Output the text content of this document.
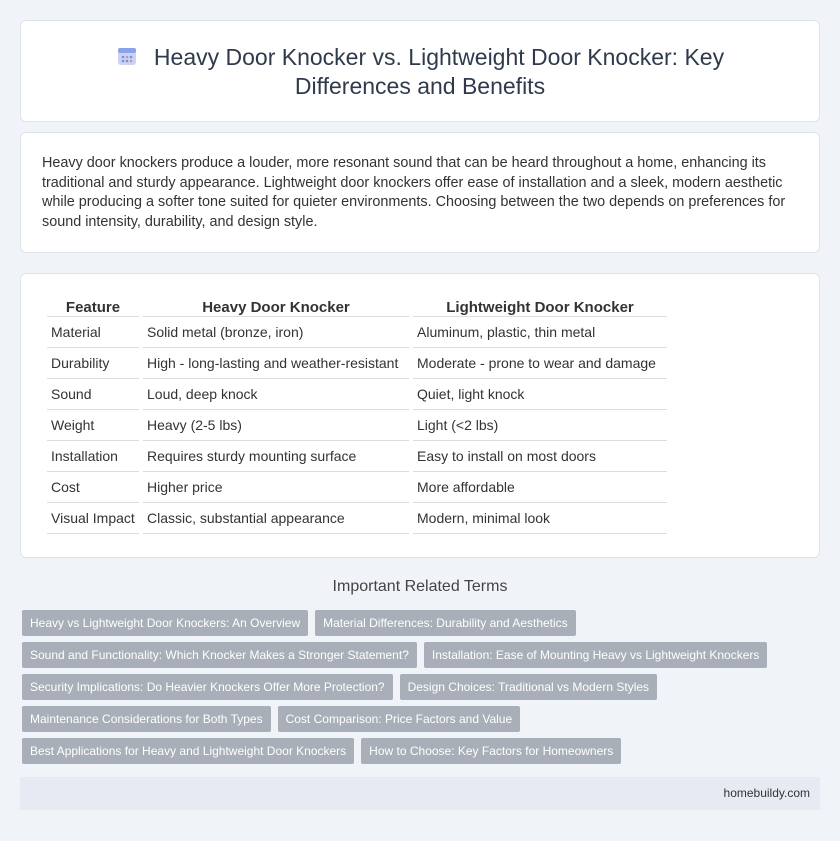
Heavy Door Knocker vs. Lightweight Door Knocker: Key Differences and Benefits

Heavy door knockers produce a louder, more resonant sound that can be heard throughout a home, enhancing its traditional and sturdy appearance. Lightweight door knockers offer ease of installation and a sleek, modern aesthetic while producing a softer tone suited for quieter environments. Choosing between the two depends on preferences for sound intensity, durability, and design style.

Feature	Heavy Door Knocker	Lightweight Door Knocker
Material	Solid metal (bronze, iron)	Aluminum, plastic, thin metal
Durability	High - long-lasting and weather-resistant	Moderate - prone to wear and damage
Sound	Loud, deep knock	Quiet, light knock
Weight	Heavy (2-5 lbs)	Light (<2 lbs)
Installation	Requires sturdy mounting surface	Easy to install on most doors
Cost	Higher price	More affordable
Visual Impact	Classic, substantial appearance	Modern, minimal look
Important Related Terms
Heavy vs Lightweight Door Knockers: An Overview	Material Differences: Durability and Aesthetics
Sound and Functionality: Which Knocker Makes a Stronger Statement?	Installation: Ease of Mounting Heavy vs Lightweight Knockers
Security Implications: Do Heavier Knockers Offer More Protection?	Design Choices: Traditional vs Modern Styles
Maintenance Considerations for Both Types	Cost Comparison: Price Factors and Value
Best Applications for Heavy and Lightweight Door Knockers	How to Choose: Key Factors for Homeowners
homebuildy.com
